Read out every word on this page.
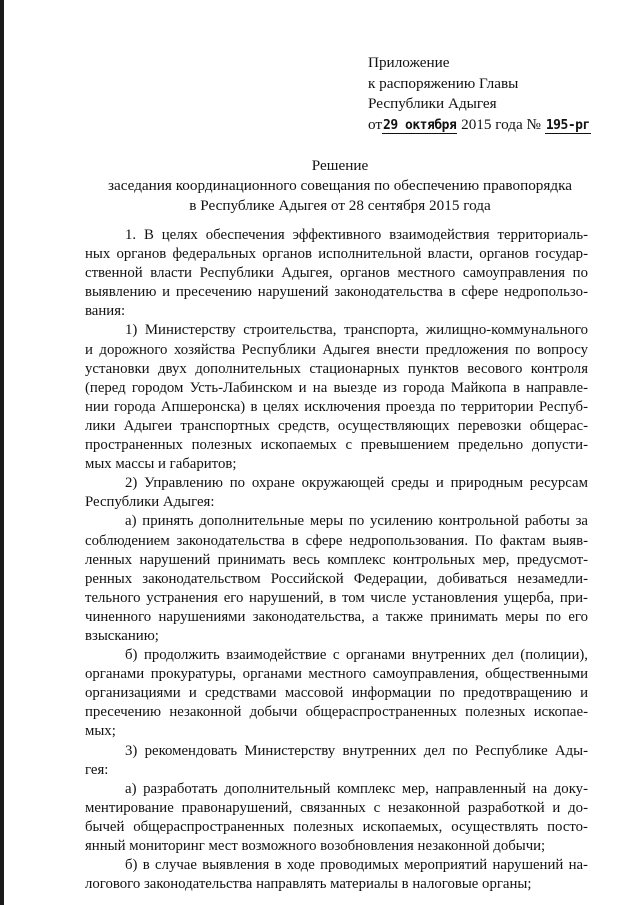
Приложение
к распоряжению Главы
Республики Адыгея
от29 октября 2015 года № 195-рг
Решение
заседания координационного совещания по обеспечению правопорядка
в Республике Адыгея от 28 сентября 2015 года
1. В целях обеспечения эффективного взаимодействия территориаль-
ных органов федеральных органов исполнительной власти, органов государ-
ственной власти Республики Адыгея, органов местного самоуправления по
выявлению и пресечению нарушений законодательства в сфере недропользо-
вания:
1) Министерству строительства, транспорта, жилищно-коммунального
и дорожного хозяйства Республики Адыгея внести предложения по вопросу
установки двух дополнительных стационарных пунктов весового контроля
(перед городом Усть-Лабинском и на выезде из города Майкопа в направле-
нии города Апшеронска) в целях исключения проезда по территории Респуб-
лики Адыгеи транспортных средств, осуществляющих перевозки общерас-
пространенных полезных ископаемых с превышением предельно допусти-
мых массы и габаритов;
2) Управлению по охране окружающей среды и природным ресурсам
Республики Адыгея:
а) принять дополнительные меры по усилению контрольной работы за
соблюдением законодательства в сфере недропользования. По фактам выяв-
ленных нарушений принимать весь комплекс контрольных мер, предусмот-
ренных законодательством Российской Федерации, добиваться незамедли-
тельного устранения его нарушений, в том числе установления ущерба, при-
чиненного нарушениями законодательства, а также принимать меры по его
взысканию;
б) продолжить взаимодействие с органами внутренних дел (полиции),
органами прокуратуры, органами местного самоуправления, общественными
организациями и средствами массовой информации по предотвращению и
пресечению незаконной добычи общераспространенных полезных ископае-
мых;
3) рекомендовать Министерству внутренних дел по Республике Ады-
гея:
а) разработать дополнительный комплекс мер, направленный на доку-
ментирование правонарушений, связанных с незаконной разработкой и до-
бычей общераспространенных полезных ископаемых, осуществлять посто-
янный мониторинг мест возможного возобновления незаконной добычи;
б) в случае выявления в ходе проводимых мероприятий нарушений на-
логового законодательства направлять материалы в налоговые органы;
